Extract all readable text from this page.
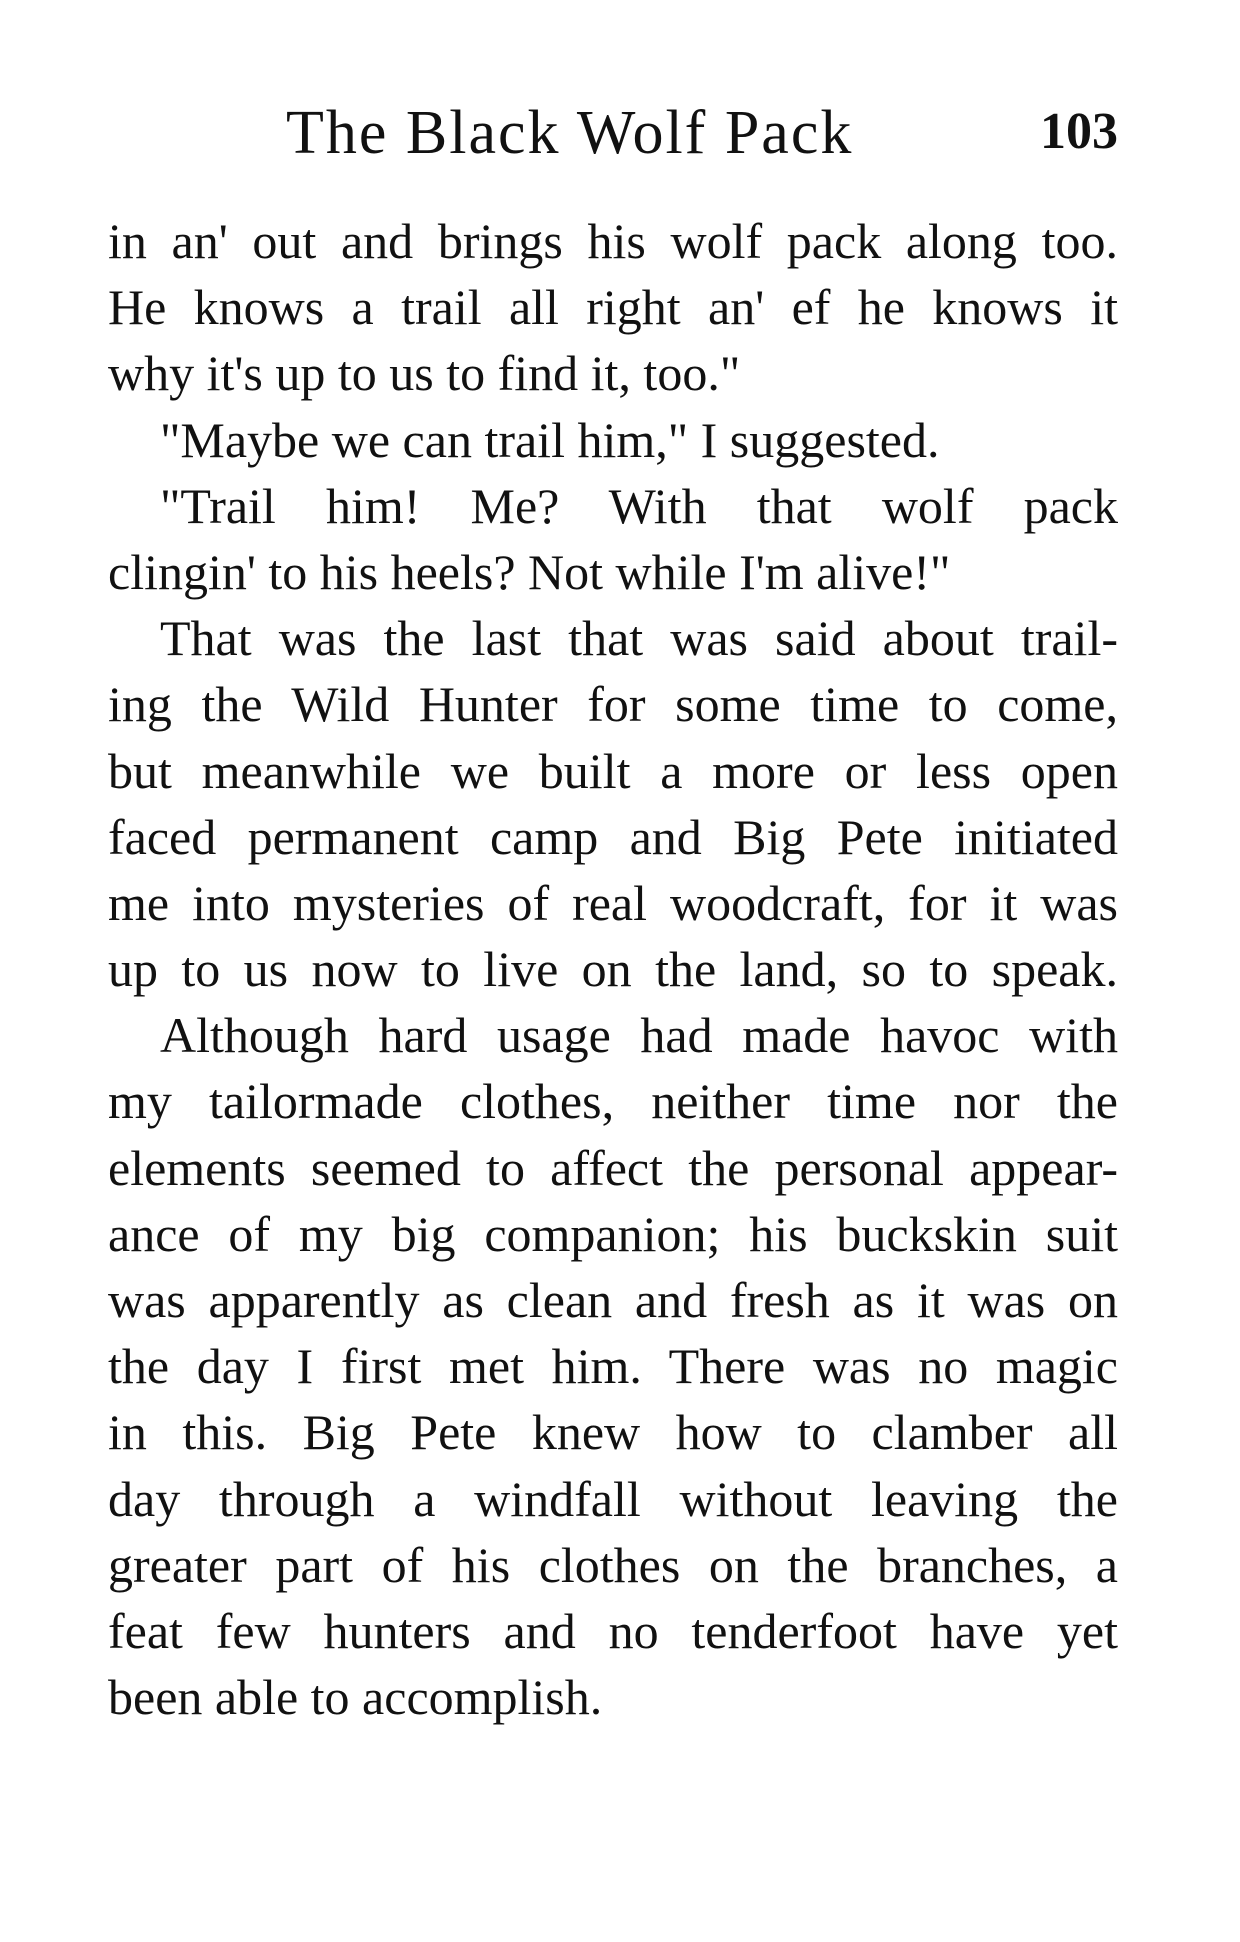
The Black Wolf Pack	103
in an' out and brings his wolf pack along too.
He knows a trail all right an' ef he knows it
why it's up to us to find it, too."
"Maybe we can trail him," I suggested.
"Trail him! Me? With that wolf pack
clingin' to his heels? Not while I'm alive!"
That was the last that was said about trail-
ing the Wild Hunter for some time to come,
but meanwhile we built a more or less open
faced permanent camp and Big Pete initiated
me into mysteries of real woodcraft, for it was
up to us now to live on the land, so to speak.
Although hard usage had made havoc with
my tailormade clothes, neither time nor the
elements seemed to affect the personal appear-
ance of my big companion; his buckskin suit
was apparently as clean and fresh as it was on
the day I first met him. There was no magic
in this. Big Pete knew how to clamber all
day through a windfall without leaving the
greater part of his clothes on the branches, a
feat few hunters and no tenderfoot have yet
been able to accomplish.
